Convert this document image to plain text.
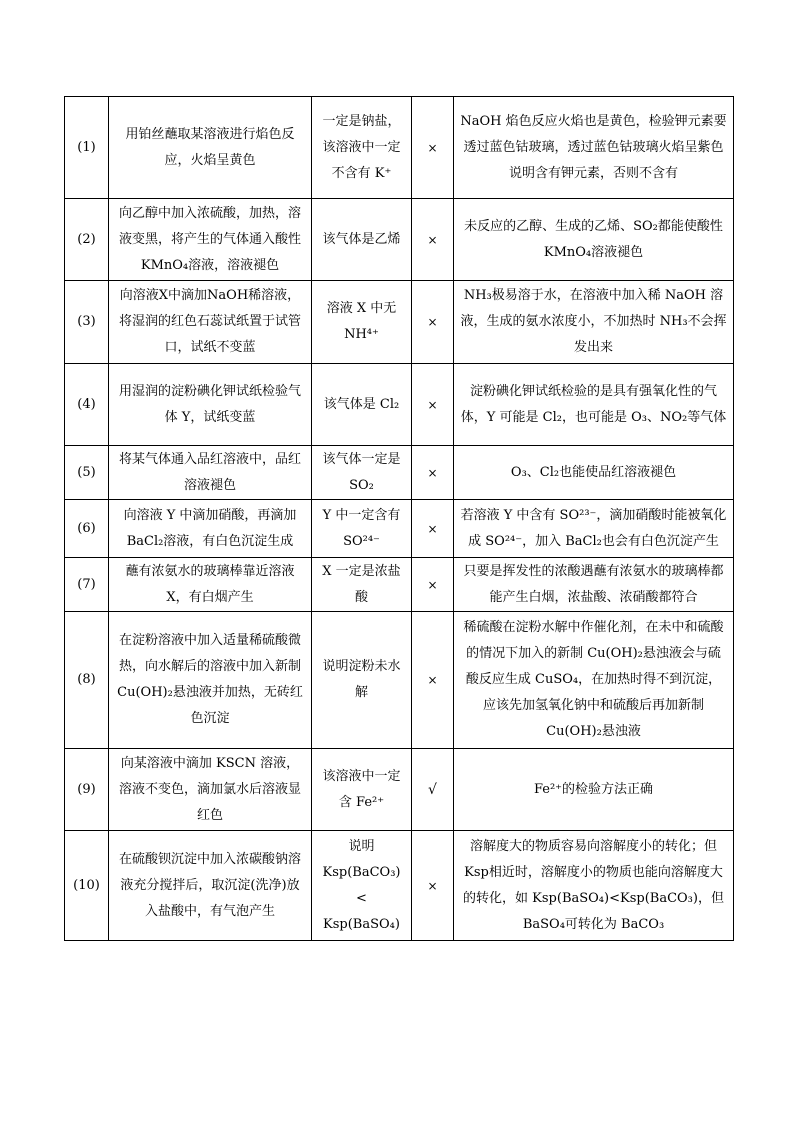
(1)	用铂丝蘸取某溶液进行焰色反应，火焰呈黄色	一定是钠盐，该溶液中一定不含有 K⁺	×	NaOH 焰色反应火焰也是黄色，检验钾元素要透过蓝色钴玻璃，透过蓝色钴玻璃火焰呈紫色说明含有钾元素，否则不含有
(2)	向乙醇中加入浓硫酸，加热，溶液变黑，将产生的气体通入酸性 KMnO₄溶液，溶液褪色	该气体是乙烯	×	未反应的乙醇、生成的乙烯、SO₂都能使酸性 KMnO₄溶液褪色
(3)	向溶液X中滴加NaOH稀溶液，将湿润的红色石蕊试纸置于试管口，试纸不变蓝	溶液 X 中无 NH⁴⁺	×	NH₃极易溶于水，在溶液中加入稀 NaOH 溶液，生成的氨水浓度小，不加热时 NH₃不会挥发出来
(4)	用湿润的淀粉碘化钾试纸检验气体 Y，试纸变蓝	该气体是 Cl₂	×	淀粉碘化钾试纸检验的是具有强氧化性的气体，Y 可能是 Cl₂，也可能是 O₃、NO₂等气体
(5)	将某气体通入品红溶液中，品红溶液褪色	该气体一定是 SO₂	×	O₃、Cl₂也能使品红溶液褪色
(6)	向溶液 Y 中滴加硝酸，再滴加 BaCl₂溶液，有白色沉淀生成	Y 中一定含有 SO²⁴⁻	×	若溶液 Y 中含有 SO²³⁻，滴加硝酸时能被氧化成 SO²⁴⁻，加入 BaCl₂也会有白色沉淀产生
(7)	蘸有浓氨水的玻璃棒靠近溶液 X，有白烟产生	X 一定是浓盐酸	×	只要是挥发性的浓酸遇蘸有浓氨水的玻璃棒都能产生白烟，浓盐酸、浓硝酸都符合
(8)	在淀粉溶液中加入适量稀硫酸微热，向水解后的溶液中加入新制 Cu(OH)₂悬浊液并加热，无砖红色沉淀	说明淀粉未水解	×	稀硫酸在淀粉水解中作催化剂，在未中和硫酸的情况下加入的新制 Cu(OH)₂悬浊液会与硫酸反应生成 CuSO₄，在加热时得不到沉淀，应该先加氢氧化钠中和硫酸后再加新制 Cu(OH)₂悬浊液
(9)	向某溶液中滴加 KSCN 溶液，溶液不变色，滴加氯水后溶液显红色	该溶液中一定含 Fe²⁺	√	Fe²⁺的检验方法正确
(10)	在硫酸钡沉淀中加入浓碳酸钠溶液充分搅拌后，取沉淀(洗净)放入盐酸中，有气泡产生	说明 Ksp(BaCO₃) < Ksp(BaSO₄)	×	溶解度大的物质容易向溶解度小的转化；但 Ksp相近时，溶解度小的物质也能向溶解度大的转化，如 Ksp(BaSO₄)<Ksp(BaCO₃)，但 BaSO₄可转化为 BaCO₃
